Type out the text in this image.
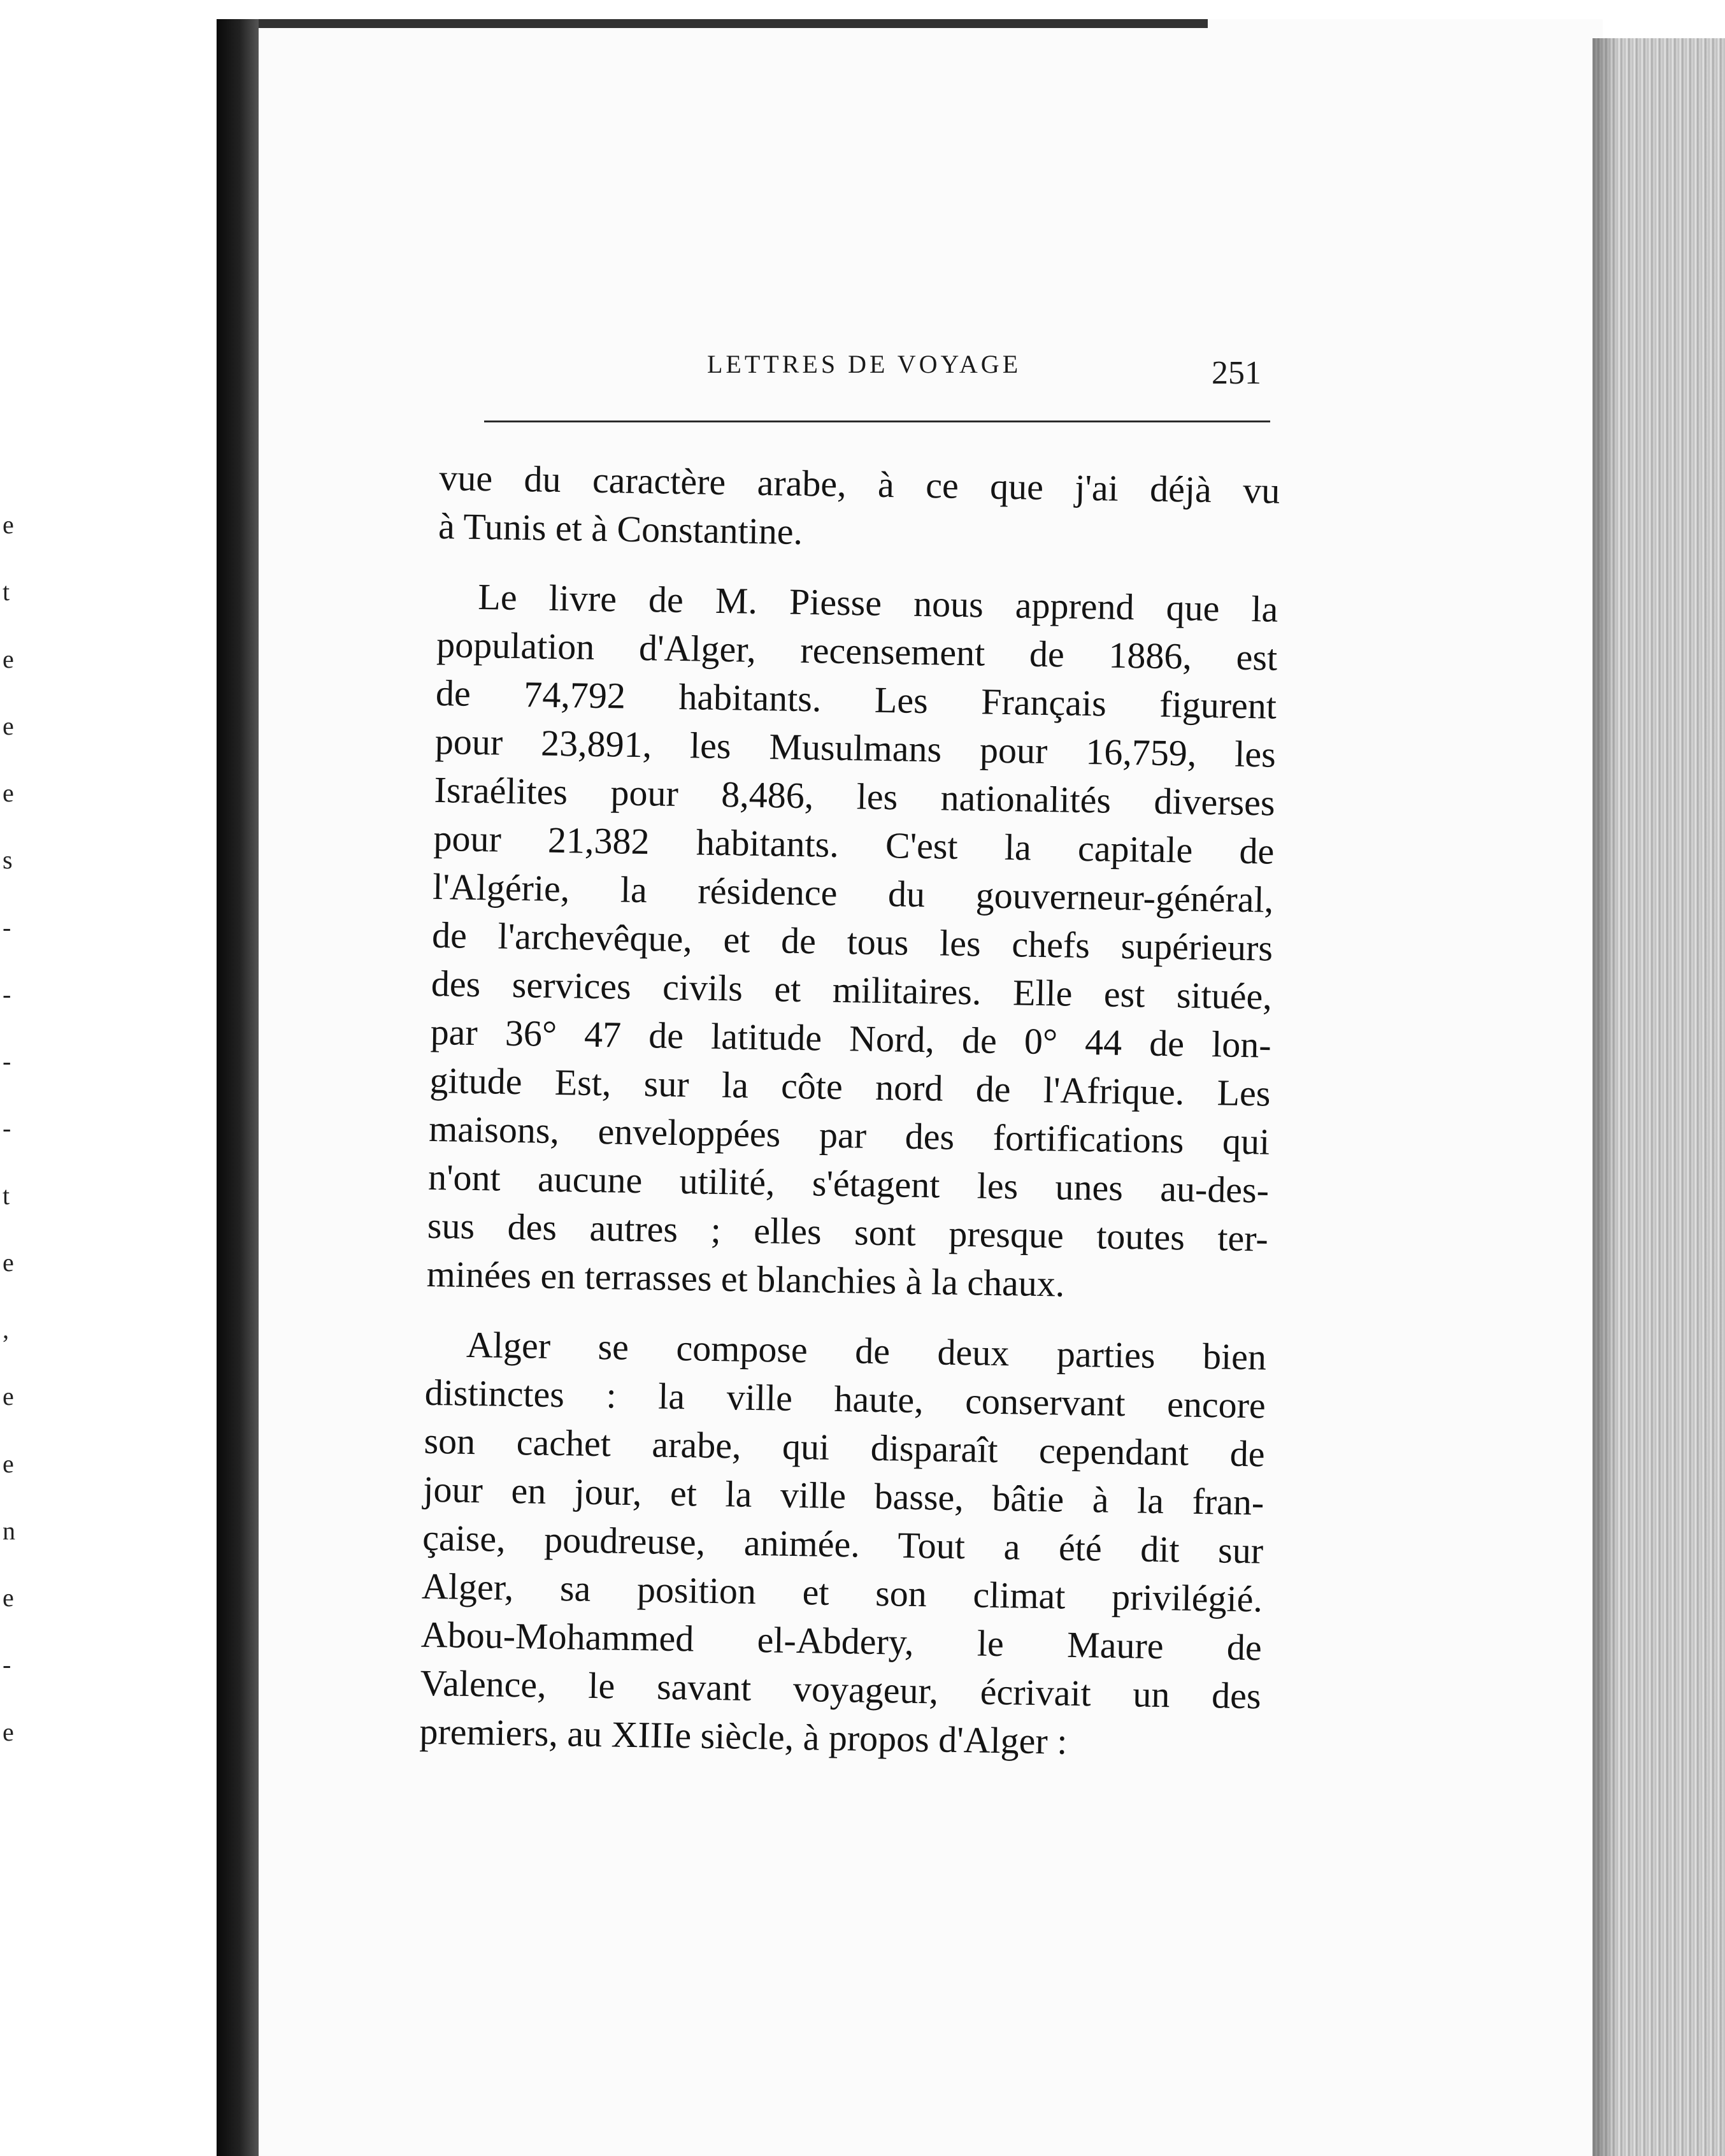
e
t
e
e
e
s
-
-
-
-
t
e
,
e
e
n
e
-
e
LETTRES DE VOYAGE	251

vue du caractère arabe, à ce que j'ai déjà vu
à Tunis et à Constantine.

Le livre de M. Piesse nous apprend que la
population d'Alger, recensement de 1886, est
de 74,792 habitants. Les Français figurent
pour 23,891, les Musulmans pour 16,759, les
Israélites pour 8,486, les nationalités diverses
pour 21,382 habitants. C'est la capitale de
l'Algérie, la résidence du gouverneur-général,
de l'archevêque, et de tous les chefs supérieurs
des services civils et militaires. Elle est située,
par 36° 47 de latitude Nord, de 0° 44 de lon-
gitude Est, sur la côte nord de l'Afrique. Les
maisons, enveloppées par des fortifications qui
n'ont aucune utilité, s'étagent les unes au-des-
sus des autres ; elles sont presque toutes ter-
minées en terrasses et blanchies à la chaux.

Alger se compose de deux parties bien
distinctes : la ville haute, conservant encore
son cachet arabe, qui disparaît cependant de
jour en jour, et la ville basse, bâtie à la fran-
çaise, poudreuse, animée. Tout a été dit sur
Alger, sa position et son climat privilégié.
Abou-Mohammed el-Abdery, le Maure de
Valence, le savant voyageur, écrivait un des
premiers, au XIIIe siècle, à propos d'Alger :
